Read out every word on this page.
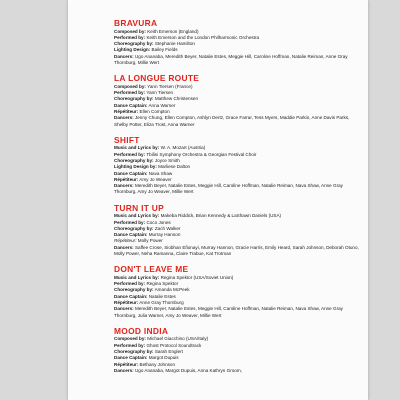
BRAVURA
Composed by: Keith Emerson (England)
Performed by: Keith Emerson and the London Philharmonic Orchestra
Choreography by: Stephanie Hamilton
Lighting Design: Bailey Fields
Dancers: Ugo Ananaba, Meredith Beyer, Natalie Estes, Meggie Hill, Caroline Hoffman, Natalie Reiman, Anne Gray Thornburg, Millie Wert
LA LONGUE ROUTE
Composed by: Yann Tiersen (France)
Performed by: Yann Tiersen
Choreography by: Matthew Christensen
Dance Captain: Anna Warner
Répétiteur: Ellen Compton
Dancers: Jenny Chung, Ellen Compton, Ashlyn Dertz, Grace Farrar, Tess Myers, Maddie Parkin, Anne Davis Parks, Shelby Potter, Eliza Trost, Anna Warner
SHIFT
Music and Lyrics by: W. A. Mozart (Austria)
Performed by: Tbilisi Symphony Orchestra & Georgian Festival Choir
Choreography by: Joyce Smith
Lighting Design by: Marliese Dalton
Dance Captain: Nava Shaw
Répétiteur: Amy Jo Weaver
Dancers: Meredith Beyer, Natalie Estes, Meggie Hill, Caroline Hoffman, Natalie Reiman, Nava Shaw, Anne Gray Thornburg, Amy Jo Weaver, Millie Wert
TURN IT UP
Music and Lyrics by: Makeba Riddick, Brian Kennedy & LaShawn Daniels (USA)
Performed by: Coco Jones
Choreography by: Zach Walker
Dance Captain: Murray Hannon
Répétiteur: Molly Power
Dancers: Saffee Crose, Siobhan Efionayi, Murray Hannon, Gracie Harris, Emily Heard, Sarah Johnson, Deborah Otuno, Molly Power, Neha Ramanna, Claire Trabue, Kat Trotman
DON'T LEAVE ME
Music and Lyrics by: Regina Spektor (USA/Soviet Union)
Performed by: Regina Spektor
Choreography by: Amanda McPeek
Dance Captain: Natalie Estes
Répétiteur: Anne Gray Thornburg
Dancers: Meredith Beyer, Natalie Estes, Meggie Hill, Caroline Hoffman, Natalie Reiman, Nava Shaw, Anne Gray Thornburg, Julia Warner, Amy Jo Weaver, Millie Wert
MOOD INDIA
Composed by: Michael Giacchino (USA/Italy)
Performed by: Ghost Protocol Soundtrack
Choreography by: Sarah Englert
Dance Captain: Margot Dupuis
Répétiteur: Bethany Johnson
Dancers: Ugo Ananaba, Margot Dupuis, Anna Kathryn Groom,
